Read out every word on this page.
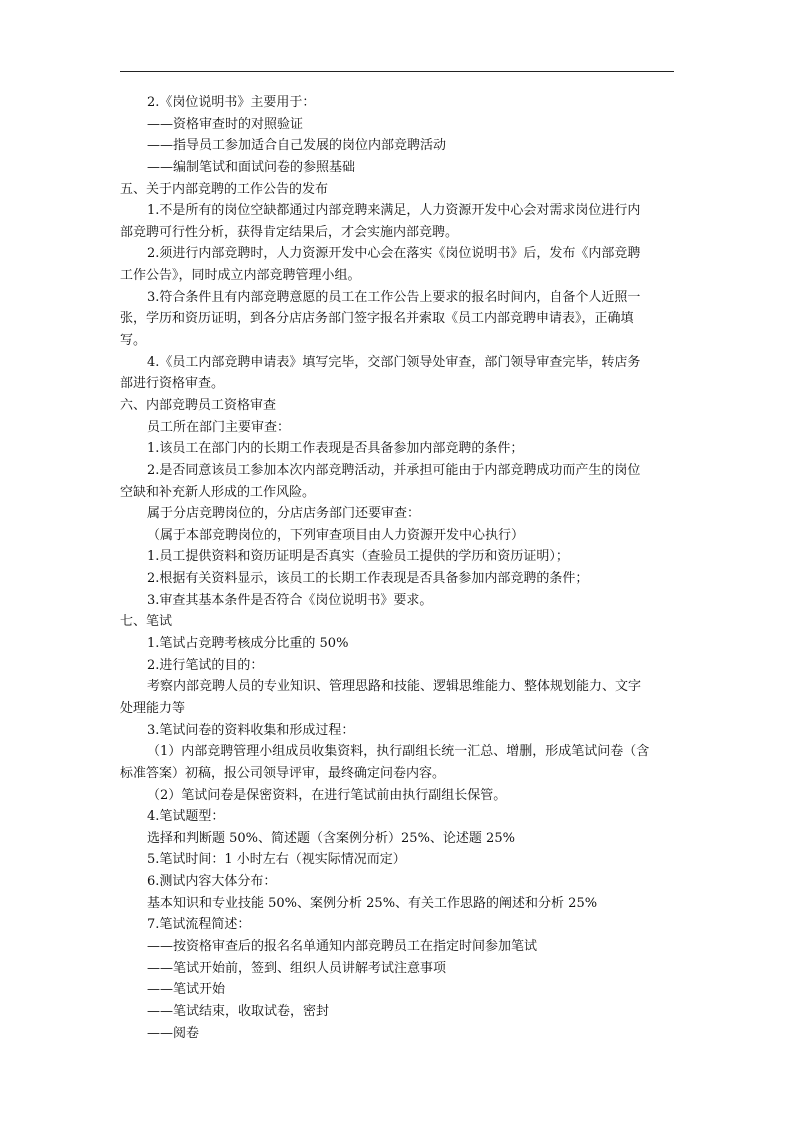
2.《岗位说明书》主要用于：
——资格审查时的对照验证
——指导员工参加适合自己发展的岗位内部竞聘活动
——编制笔试和面试问卷的参照基础
五、关于内部竞聘的工作公告的发布
1.不是所有的岗位空缺都通过内部竞聘来满足，人力资源开发中心会对需求岗位进行内
部竞聘可行性分析，获得肯定结果后，才会实施内部竞聘。
2.须进行内部竞聘时，人力资源开发中心会在落实《岗位说明书》后，发布《内部竞聘
工作公告》，同时成立内部竞聘管理小组。
3.符合条件且有内部竞聘意愿的员工在工作公告上要求的报名时间内，自备个人近照一
张，学历和资历证明，到各分店店务部门签字报名并索取《员工内部竞聘申请表》，正确填
写。
4.《员工内部竞聘申请表》填写完毕，交部门领导处审查，部门领导审查完毕，转店务
部进行资格审查。
六、内部竞聘员工资格审查
员工所在部门主要审查：
1.该员工在部门内的长期工作表现是否具备参加内部竞聘的条件；
2.是否同意该员工参加本次内部竞聘活动，并承担可能由于内部竞聘成功而产生的岗位
空缺和补充新人形成的工作风险。
属于分店竞聘岗位的，分店店务部门还要审查：
（属于本部竞聘岗位的，下列审查项目由人力资源开发中心执行）
1.员工提供资料和资历证明是否真实（查验员工提供的学历和资历证明）；
2.根据有关资料显示，该员工的长期工作表现是否具备参加内部竞聘的条件；
3.审查其基本条件是否符合《岗位说明书》要求。
七、笔试
1.笔试占竞聘考核成分比重的 50%
2.进行笔试的目的：
考察内部竞聘人员的专业知识、管理思路和技能、逻辑思维能力、整体规划能力、文字
处理能力等
3.笔试问卷的资料收集和形成过程：
（1）内部竞聘管理小组成员收集资料，执行副组长统一汇总、增删，形成笔试问卷（含
标准答案）初稿，报公司领导评审，最终确定问卷内容。
（2）笔试问卷是保密资料，在进行笔试前由执行副组长保管。
4.笔试题型：
选择和判断题 50%、简述题（含案例分析）25%、论述题 25%
5.笔试时间：1 小时左右（视实际情况而定）
6.测试内容大体分布：
基本知识和专业技能 50%、案例分析 25%、有关工作思路的阐述和分析 25%
7.笔试流程简述：
——按资格审查后的报名名单通知内部竞聘员工在指定时间参加笔试
——笔试开始前，签到、组织人员讲解考试注意事项
——笔试开始
——笔试结束，收取试卷，密封
——阅卷
